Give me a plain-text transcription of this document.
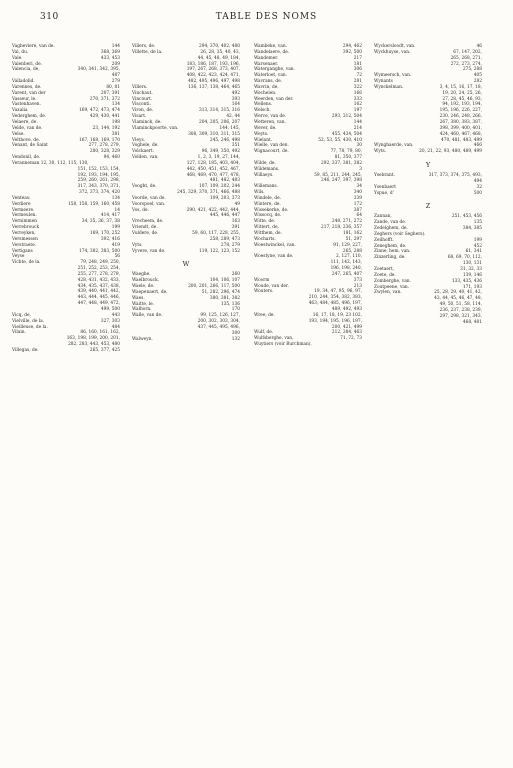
310	TABLE DES NOMS
Vagheviere, van de.	144
Val, du.	368, 369
Vale.	433, 453
Valenberi, de.	209
Valencia, de,	340, 341, 342, 395,
487
Valladolid.	279
Varennes, de.	80, 81
Varent, van der	207, 391
Vasseur, le.	270, 371, 372
Vastenhaven.	134
Vaxalia	169, 472, 473, 474
Vederghem, de.	429, 430, 441
Velaere, de.	198
Velde, van de.	23, 144, 192
Velse.	381
Velthove, de.	167, 168, 169, 170
Venant, de Saint	277, 278, 279,
280, 328, 329
Vendonil, de.	94, 460
Veranneman 12, 30, 112, 115, 130,
151, 152, 153, 154,
192, 193, 194, 195,
259, 260, 261, 298,
317, 343, 370, 371,
372, 373, 374, 420
Venteau	134
Verdiere	158, 158, 159, 160, 458
Vermeere.	14
Vermeulen.	414, 417
Vernimmen	34, 35, 36, 37, 38
Verrebrouck	199
Verreyken,	169, 170, 252
Versmessen	392, 416
Verstraete.	419
Vertigans	174, 382, 383, 500
Veyse	56
Vichte, de la.	79, 248, 249, 250,
251, 252, 253, 254,
255, 277, 278, 279,
428, 431, 432, 433,
434, 435, 437, 438,
439, 440, 441, 442,
443, 444, 445, 446,
447, 448, 449, 472,
499, 500
Vicq, de.	443
Vielville, de la.	327, 303
Vieilleuse, de la.	484
Vilain.	86, 160, 161, 162,
163, 198, 199, 200, 201,
282, 283, 443, 453, 480
Villegas, de.	265, 377, 425
Villers, de.	294, 370, 402, 480
Villette, de la.	26, 28, 35, 40, 43,
44, 45, 48, 49, 184,
183, 186, 187, 193, 196,
197, 267, 268, 373, 407,
408, 422, 423, 424, 471,
482, 495, 496, 497, 498
Villers.	136, 137, 138, 464, 465
Vinchaut.	492
Vincourt.	393
Visconti.	164
Viron, de.	313, 314, 315, 316
Visart.	42, 44
Vlaminck, de.	204, 205, 206, 207
Vlaminckpoorte, van.	144, 145,
308, 309, 310, 311, 315
Vleys.	245, 246, 498
Voghele, de.	351
Volckaert.	96, 349, 350, 492
Volden, van.	1, 2, 3, 19, 27, 144,
127, 128, 185, 403, 404,
442, 450, 451, 452, 467,
468, 469, 470, 477, 478,
481, 482, 483
Vooght, de.	107, 109, 202, 244
245, 329, 370, 371, 466, 488
Voorde, van de.	109, 203, 373
Voorspoel, van.	49
Vos, de.	290, 421, 422, 442, 444,
445, 446, 447
Vrecheem, de.	163
Vriendt, de.	391
Vuldere, de.	59, 60, 117, 228, 255,
258, 289, 473
Vyts.	278, 279
Vyvere, van de.	119, 122, 123, 152
W
Waeghe.	260
Waelbrouck.	104, 106, 107
Waele, de.	200, 201, 266, 117, 500
Waepenaert, de.	51, 282, 296, 474
Waes.	380, 381, 382
Waitte, le.	135, 136
Walhorn.	170
Walle, van de.	99, 125, 126, 127,
200, 302, 303, 304,
437, 445, 495, 496,
300
Walweyn.	132
Wambeke, van.	294, 462
Wandelaere, de.	392, 500
Wandemer.	217
Warsenaer.	181
Waterganghe, van.	306
Waterloet, van.	72
Wavrans, de.	281
Wavrin, de.	322
Wechelen.	166
Weerden, van der.	333
Wellens.	162
Welsch.	197
Werve, van de.	293, 312, 504
Wetteren, van.	144
Wever, de.	214
Weyts.	455, 434, 504
Wielant.	52, 53, 55, 430, 410
Wielle, van den.	30
Wignacourt, de.	77, 78, 79, 80,
81, 350, 377
Wilde, de.	292, 337, 381, 382
Wildemans.	3
Willaeys.	59, 85, 211, 244, 245,
246, 247, 397, 398
Willemans.	34
Wils.	340
Windele, de.	339
Wintere, de.	172
Wissekerke, de.	387
Wissocq, de.	64
Witte, de.	248, 271, 272
Wittert, de.	217, 218, 236, 357
Witthem, de.	181, 162
Wocharts.	51, 297
Woestwinckel, van.	91, 129, 227,
265, 288
Woestyne, van de.	2, 127, 110,
111, 142, 143,
196, 198, 240,
247, 265, 407
Woorm	373
Woude, van der.	213
Wouters.	19, 34, 47, 95, 96, 97,
210, 244, 354, 382, 383,
463, 484, 485, 496, 197,
489, 492, 493
Wree, de.	16, 17, 18, 19, 23 102,
193, 194, 195, 196, 197,
200, 421, 499
Wulf, de.	212, 384, 463
Wulfsberghe, van,	71, 72, 73
Wuytiers (voir Burchman).
Wyckersloodt, van.	46
Wyckhuyse, van.	67, 147, 202,
265, 268, 271,
272, 273, 274,
275, 288
Wymeersch, van.	405
Wynants	282
Wynckelman.	3, 4, 15, 16, 17, 18,
19, 20, 24, 25, 26,
27, 28, 45, 46, 93,
94, 192, 193, 194,
195, 196, 226, 227,
230, 246, 248, 266,
267, 380, 383, 387,
398, 399, 400, 401,
424, 460, 467, 468,
470, 481, 483, 499
Wynghaerde, van.	466
Wyts.	20, 21, 22, 93, 480, 489, 499
Y
Ysebrant.	317, 373, 374, 375, 493,
494
Ysenbaert	32
Yspue, d'	500
Z
Zannan,	251, 453, 456
Zande, van de.	135
Zedelghem, de.	384, 385
Zeghers (voir Seghers).
Zeilhofft.	199
Zeneghem, de.	452
Zinne, hem. van.	61, 341
Zinzerling, de.	68, 69, 70, 112,
130, 131
Zoetaert,	31, 32, 33
Zoete, de.	139, 146
Zomberghe, van.	133, 435, 436
Zoutpeene, van.	171, 193
Zwylen, van.	25, 28, 29, 40, 41, 42,
43, 44, 45, 46, 47, 48,
49, 50, 51, 58, 114,
236, 237, 238, 239,
297, 298, 321, 343,
468, 481
